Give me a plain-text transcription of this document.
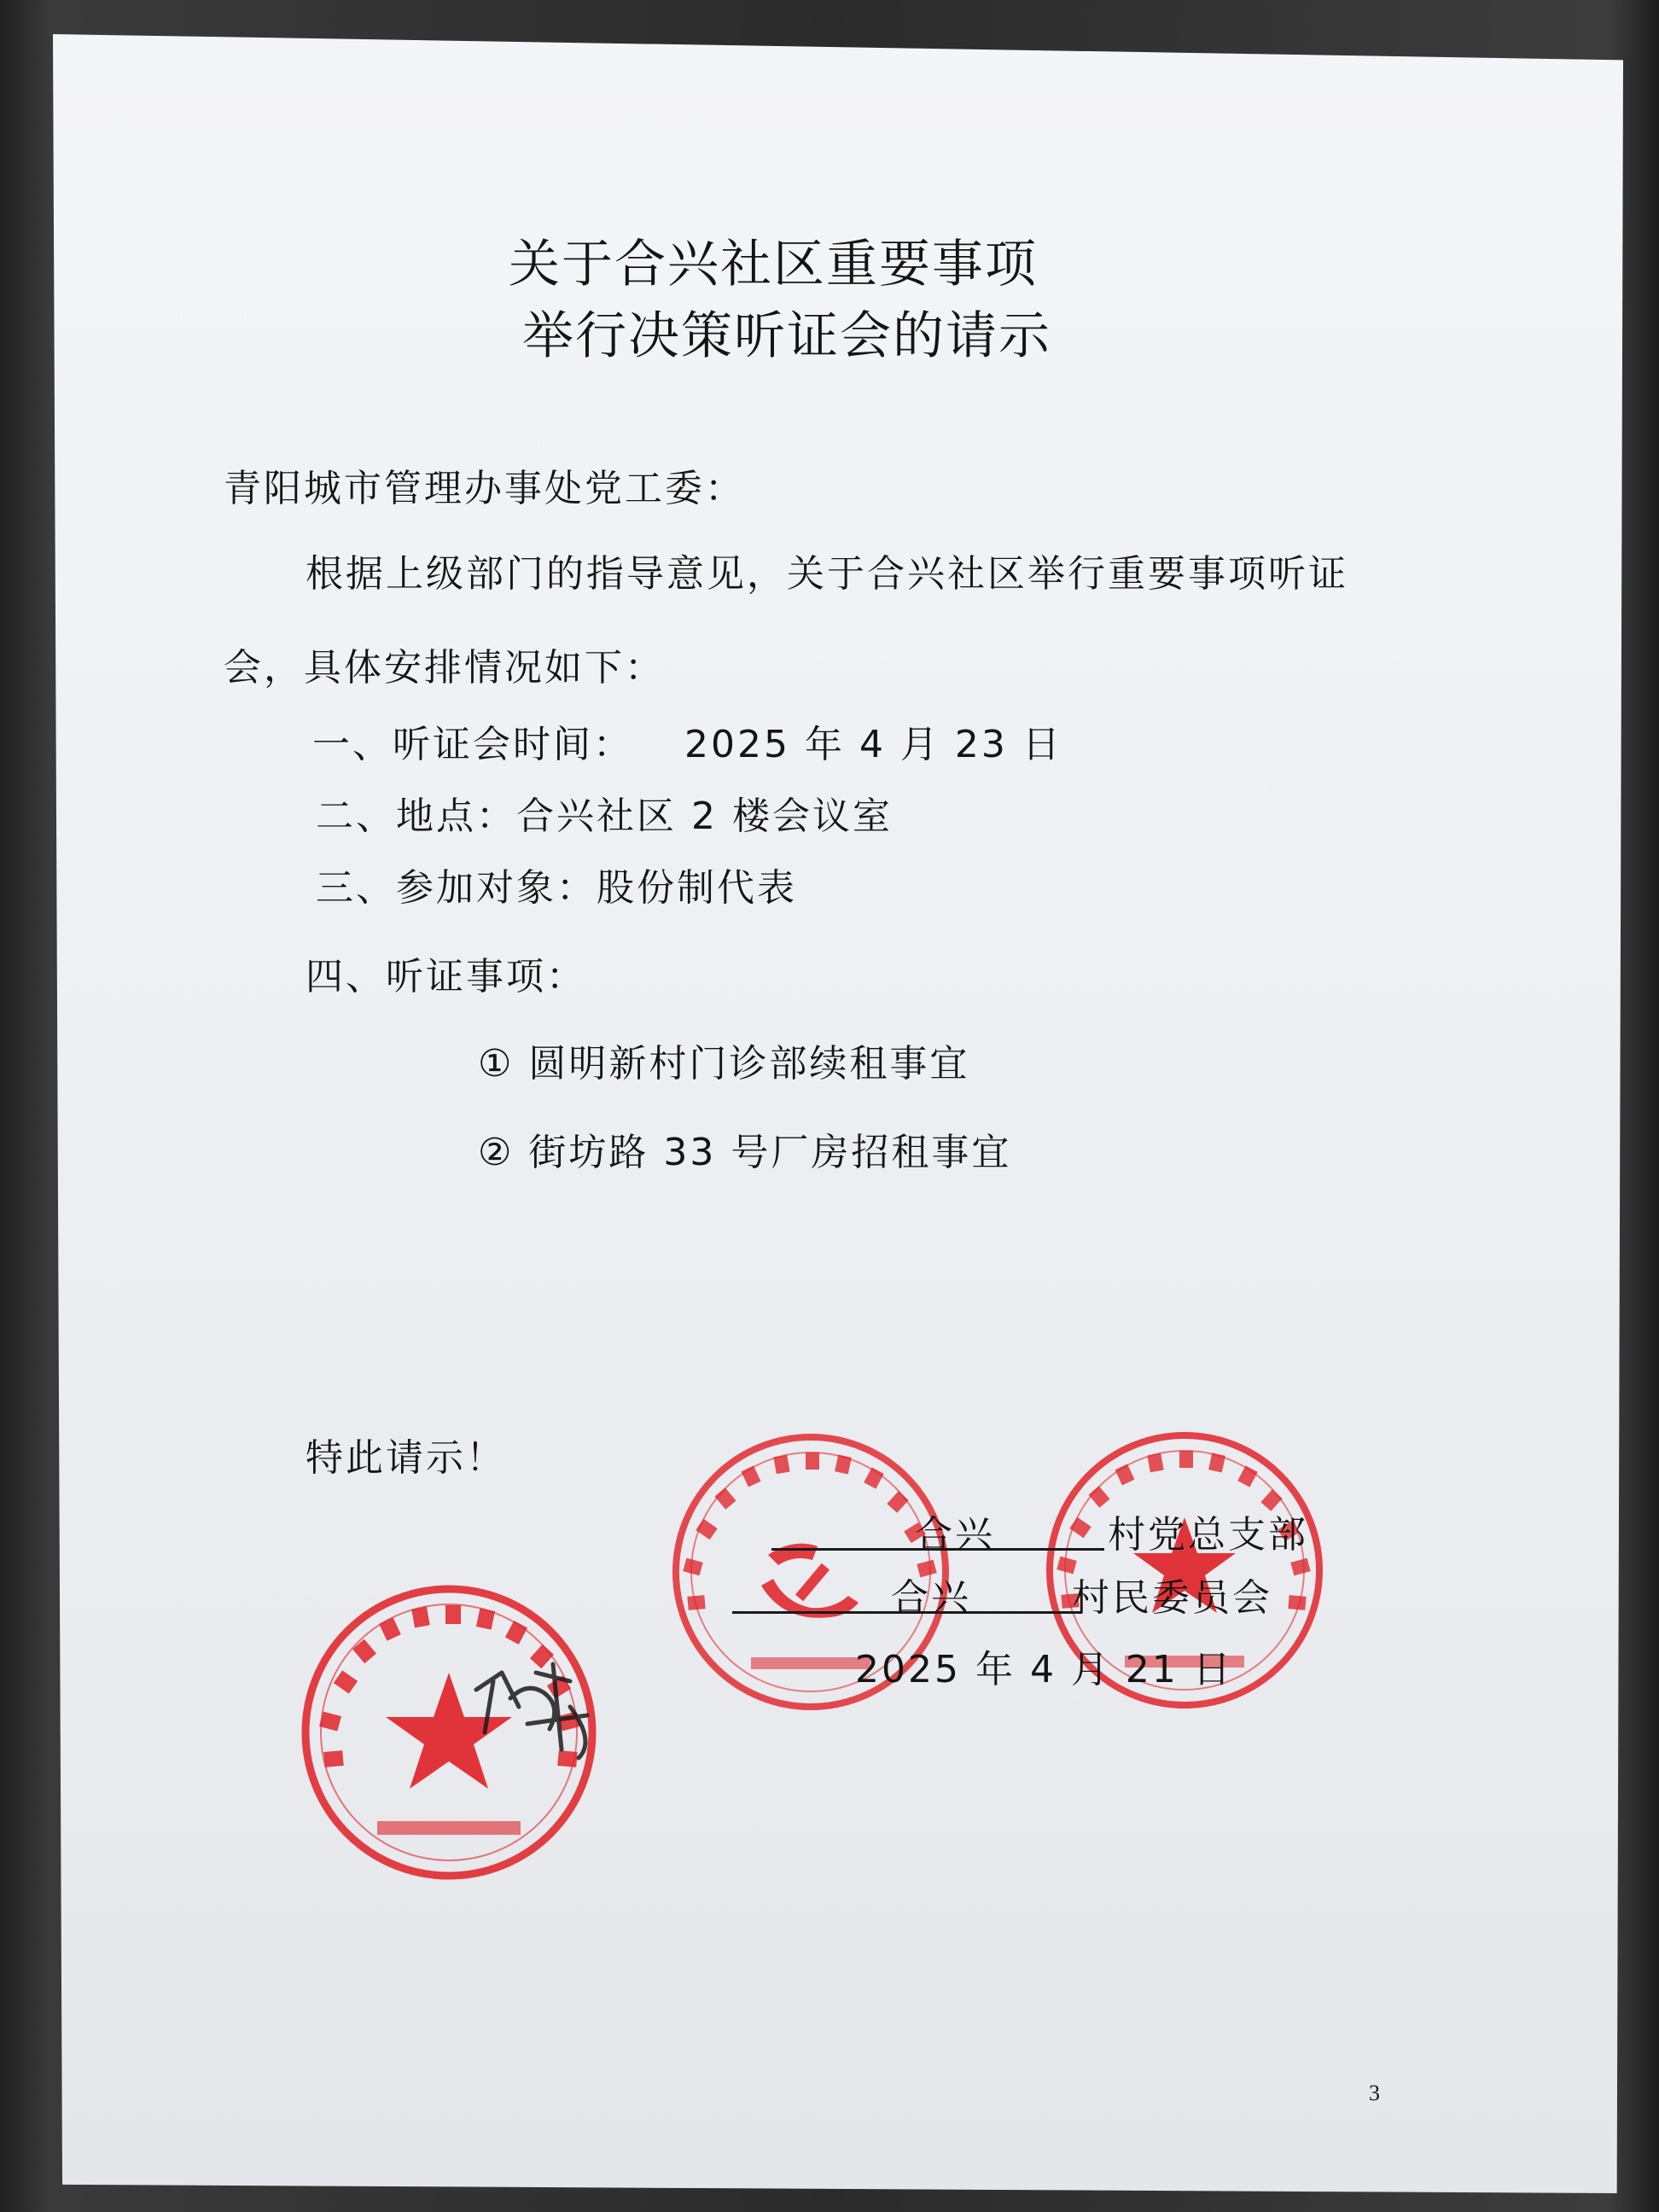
关于合兴社区重要事项
举行决策听证会的请示
青阳城市管理办事处党工委：
根据上级部门的指导意见，关于合兴社区举行重要事项听证
会，具体安排情况如下：
一、听证会时间： 2025 年 4 月 23 日
二、地点：合兴社区 2 楼会议室
三、参加对象：股份制代表
四、听证事项：
① 圆明新村门诊部续租事宜
② 街坊路 33 号厂房招租事宜
特此请示！
合兴	村党总支部
合兴	村民委员会
2025 年 4 月 21 日
3
